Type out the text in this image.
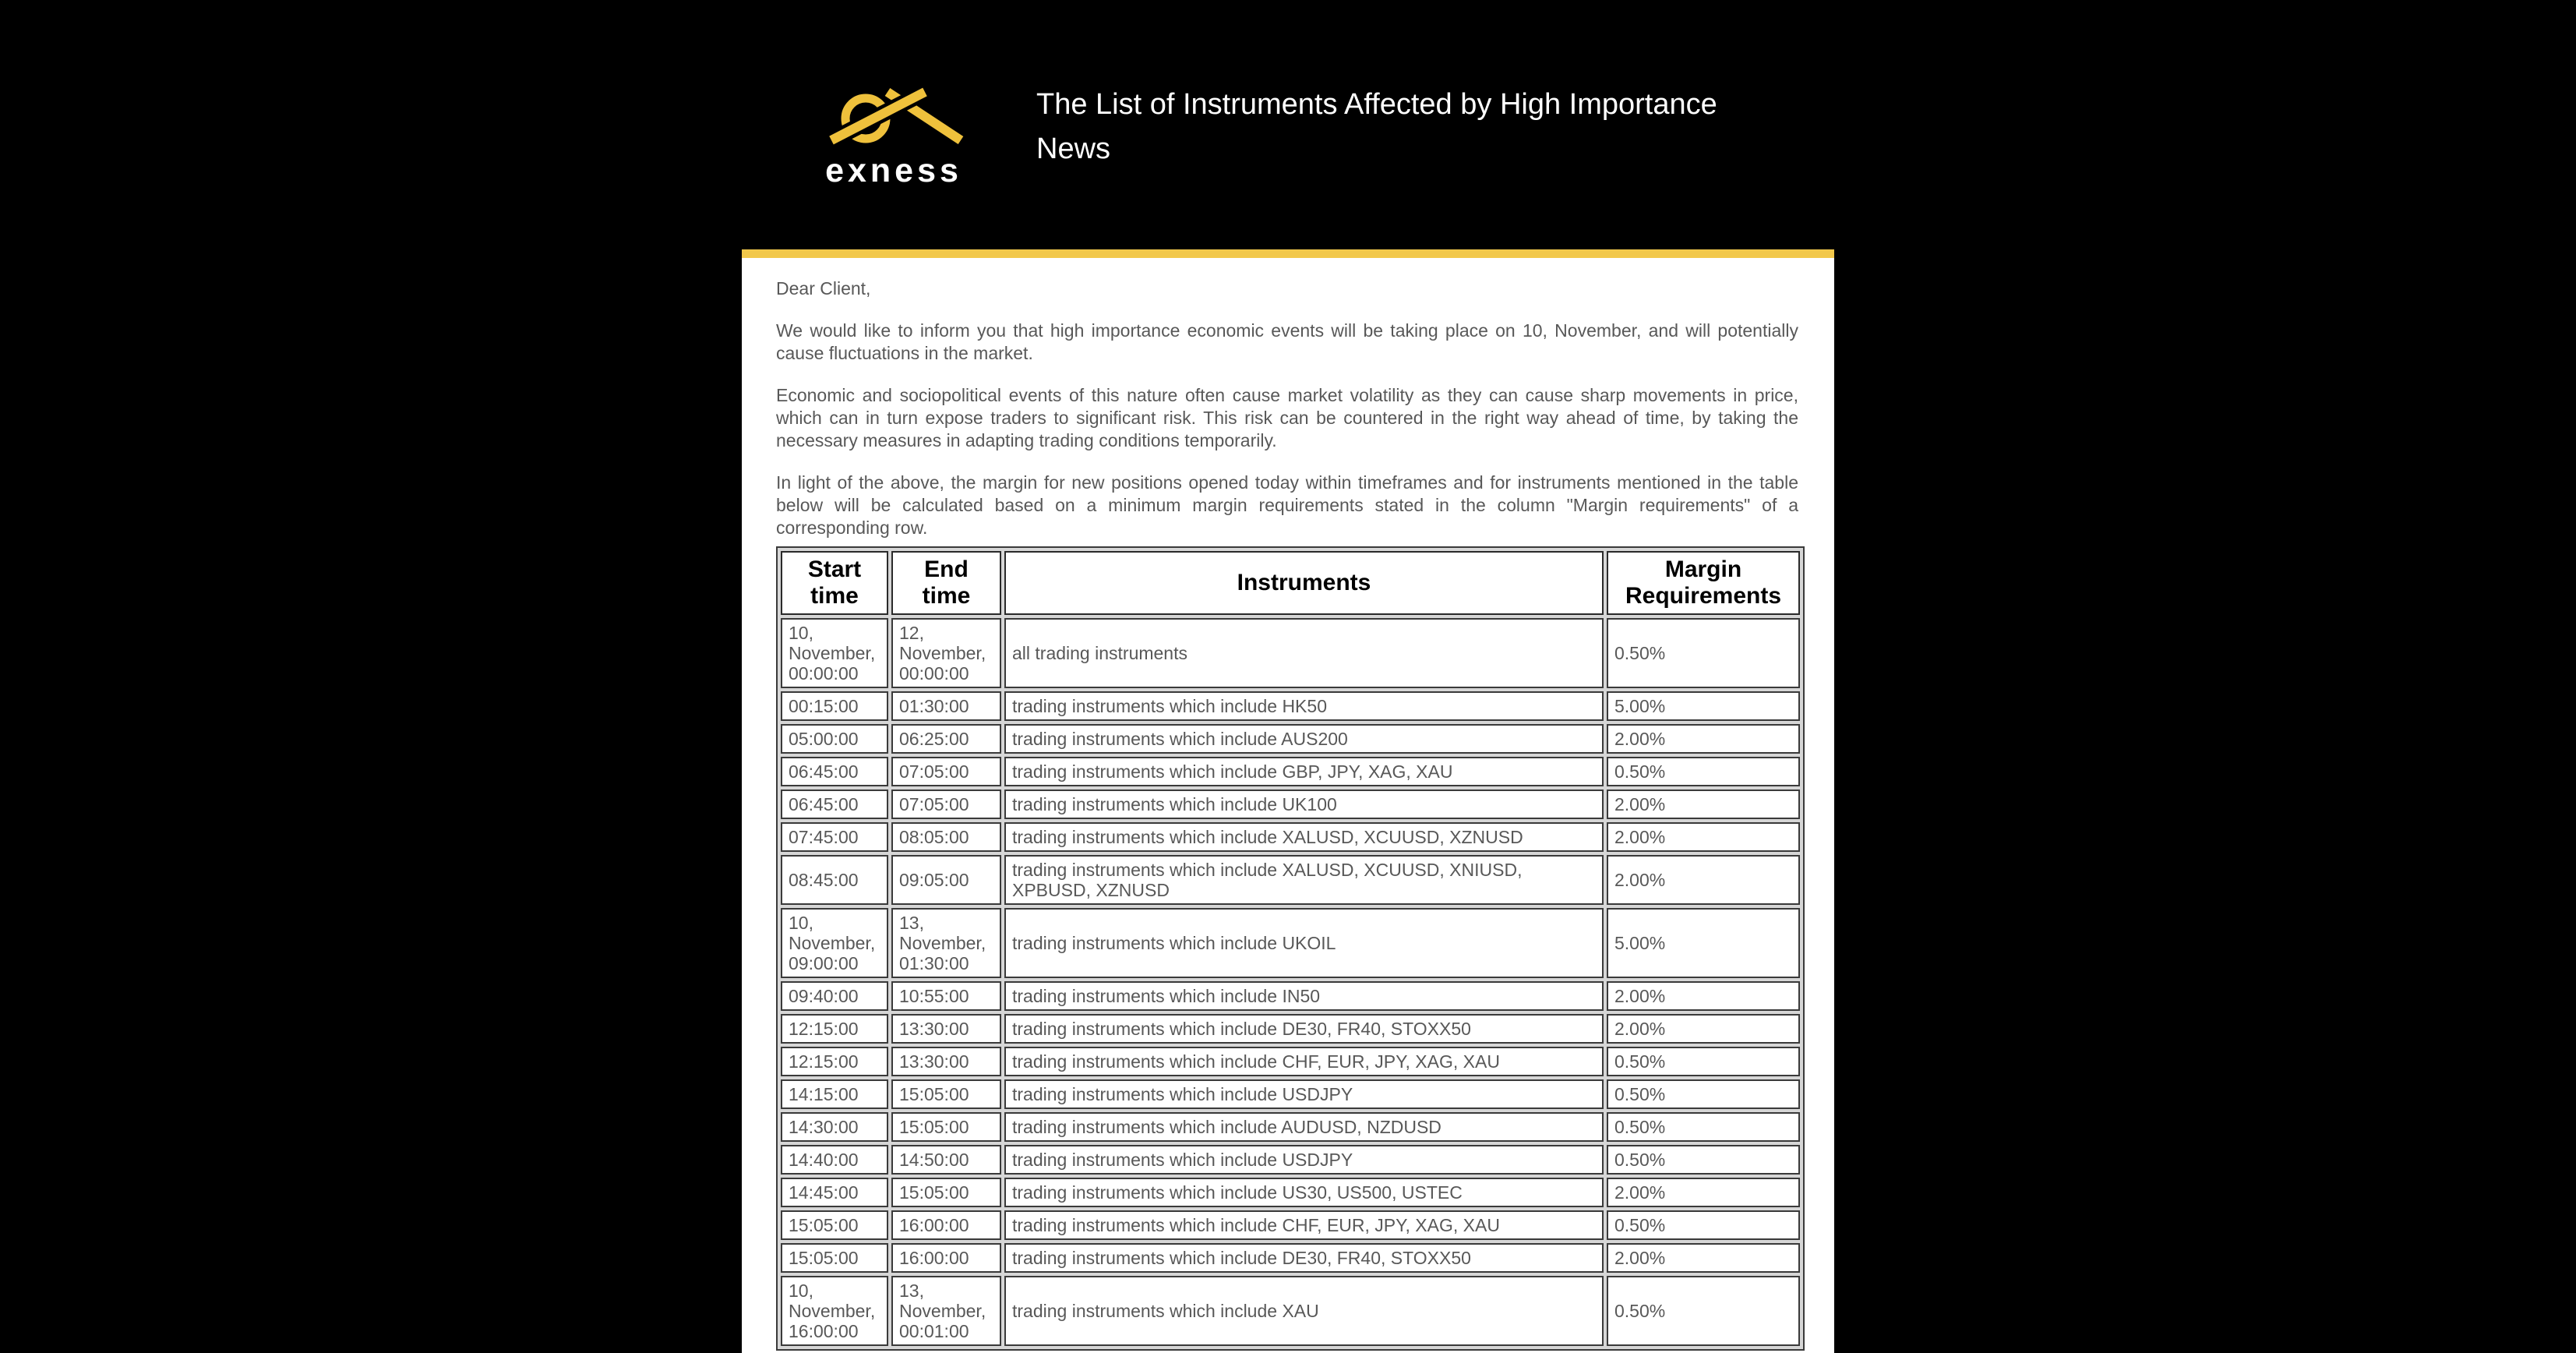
exness
The List of Instruments Affected by High Importance News

Dear Client,

We would like to inform you that high importance economic events will be taking place on 10, November, and will potentially cause fluctuations in the market.

Economic and sociopolitical events of this nature often cause market volatility as they can cause sharp movements in price, which can in turn expose traders to significant risk. This risk can be countered in the right way ahead of time, by taking the necessary measures in adapting trading conditions temporarily.

In light of the above, the margin for new positions opened today within timeframes and for instruments mentioned in the table below will be calculated based on a minimum margin requirements stated in the column "Margin requirements" of a corresponding row.

Start time	End time	Instruments	Margin Requirements
10, November, 00:00:00	12, November, 00:00:00	all trading instruments	0.50%
00:15:00	01:30:00	trading instruments which include HK50	5.00%
05:00:00	06:25:00	trading instruments which include AUS200	2.00%
06:45:00	07:05:00	trading instruments which include GBP, JPY, XAG, XAU	0.50%
06:45:00	07:05:00	trading instruments which include UK100	2.00%
07:45:00	08:05:00	trading instruments which include XALUSD, XCUUSD, XZNUSD	2.00%
08:45:00	09:05:00	trading instruments which include XALUSD, XCUUSD, XNIUSD, XPBUSD, XZNUSD	2.00%
10, November, 09:00:00	13, November, 01:30:00	trading instruments which include UKOIL	5.00%
09:40:00	10:55:00	trading instruments which include IN50	2.00%
12:15:00	13:30:00	trading instruments which include DE30, FR40, STOXX50	2.00%
12:15:00	13:30:00	trading instruments which include CHF, EUR, JPY, XAG, XAU	0.50%
14:15:00	15:05:00	trading instruments which include USDJPY	0.50%
14:30:00	15:05:00	trading instruments which include AUDUSD, NZDUSD	0.50%
14:40:00	14:50:00	trading instruments which include USDJPY	0.50%
14:45:00	15:05:00	trading instruments which include US30, US500, USTEC	2.00%
15:05:00	16:00:00	trading instruments which include CHF, EUR, JPY, XAG, XAU	0.50%
15:05:00	16:00:00	trading instruments which include DE30, FR40, STOXX50	2.00%
10, November, 16:00:00	13, November, 00:01:00	trading instruments which include XAU	0.50%
